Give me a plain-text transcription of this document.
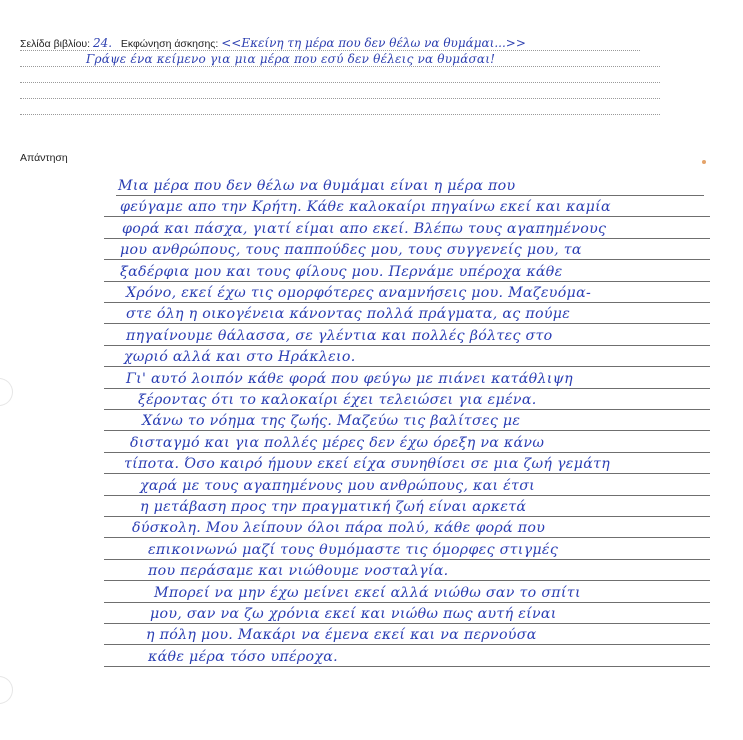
Σελίδα βιβλίου: 24. Εκφώνηση άσκησης: <<Εκείνη τη μέρα που δεν θέλω να θυμάμαι...>>
Γράψε ένα κείμενο για μια μέρα που εσύ δεν θέλεις να θυμάσαι!
Απάντηση
Μια μέρα που δεν θέλω να θυμάμαι είναι η μέρα που
φεύγαμε απο την Κρήτη. Κάθε καλοκαίρι πηγαίνω εκεί και καμία
φορά και πάσχα, γιατί είμαι απο εκεί. Βλέπω τους αγαπημένους
μου ανθρώπους, τους παππούδες μου, τους συγγενείς μου, τα
ξαδέρφια μου και τους φίλους μου. Περνάμε υπέροχα κάθε
Χρόνο, εκεί έχω τις ομορφότερες αναμνήσεις μου. Μαζευόμα-
στε όλη η οικογένεια κάνοντας πολλά πράγματα, ας πούμε
πηγαίνουμε θάλασσα, σε γλέντια και πολλές βόλτες στο
χωριό αλλά και στο Ηράκλειο.
Γι' αυτό λοιπόν κάθε φορά που φεύγω με πιάνει κατάθλιψη
ξέροντας ότι το καλοκαίρι έχει τελειώσει για εμένα.
Χάνω το νόημα της ζωής. Μαζεύω τις βαλίτσες με
δισταγμό και για πολλές μέρες δεν έχω όρεξη να κάνω
τίποτα. Όσο καιρό ήμουν εκεί είχα συνηθίσει σε μια ζωή γεμάτη
χαρά με τους αγαπημένους μου ανθρώπους, και έτσι
η μετάβαση προς την πραγματική ζωή είναι αρκετά
δύσκολη. Μου λείπουν όλοι πάρα πολύ, κάθε φορά που
επικοινωνώ μαζί τους θυμόμαστε τις όμορφες στιγμές
που περάσαμε και νιώθουμε νοσταλγία.
Μπορεί να μην έχω μείνει εκεί αλλά νιώθω σαν το σπίτι
μου, σαν να ζω χρόνια εκεί και νιώθω πως αυτή είναι
η πόλη μου. Μακάρι να έμενα εκεί και να περνούσα
κάθε μέρα τόσο υπέροχα.
